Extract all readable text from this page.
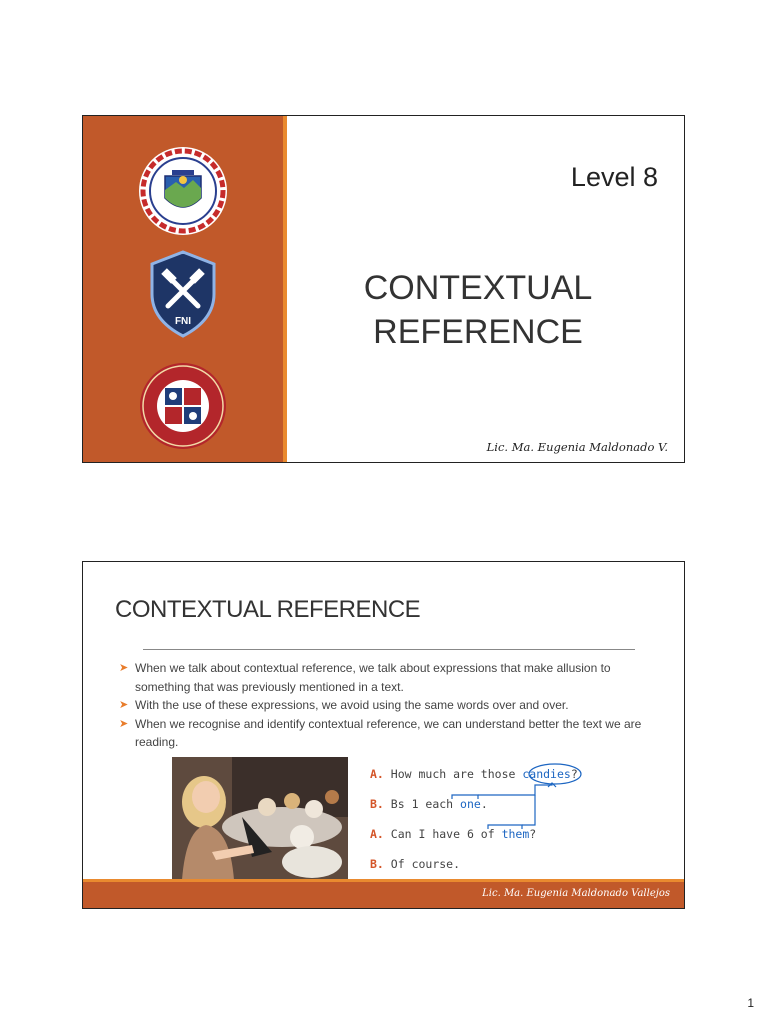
FNI
Level 8
CONTEXTUAL
REFERENCE
Lic. Ma. Eugenia Maldonado V.
CONTEXTUAL REFERENCE
➤ When we talk about contextual reference, we talk about expressions that make allusion to something that was previously mentioned in a text.
➤ With the use of these expressions, we avoid using the same words over and over.
➤ When we recognise and identify contextual reference, we can understand better the text we are reading.
A. How much are those candies?
B. Bs 1 each one.
A. Can I have 6 of them?
B. Of course.
Lic. Ma. Eugenia Maldonado Vallejos
1
